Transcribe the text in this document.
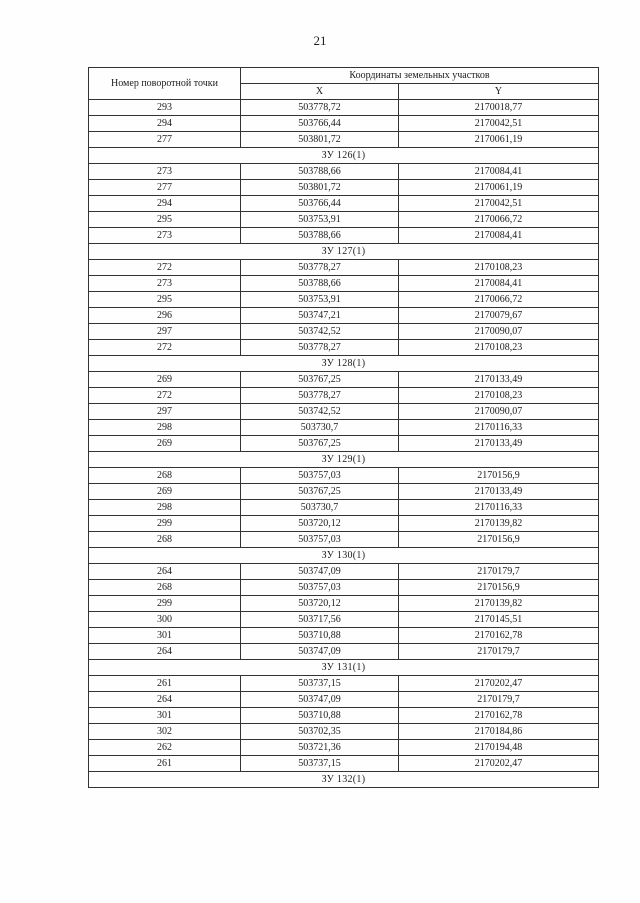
21
Номер поворотной точки	Координаты земельных участков	
	X	Y
293	503778,72	2170018,77
294	503766,44	2170042,51
277	503801,72	2170061,19
ЗУ 126(1)		
273	503788,66	2170084,41
277	503801,72	2170061,19
294	503766,44	2170042,51
295	503753,91	2170066,72
273	503788,66	2170084,41
ЗУ 127(1)		
272	503778,27	2170108,23
273	503788,66	2170084,41
295	503753,91	2170066,72
296	503747,21	2170079,67
297	503742,52	2170090,07
272	503778,27	2170108,23
ЗУ 128(1)		
269	503767,25	2170133,49
272	503778,27	2170108,23
297	503742,52	2170090,07
298	503730,7	2170116,33
269	503767,25	2170133,49
ЗУ 129(1)		
268	503757,03	2170156,9
269	503767,25	2170133,49
298	503730,7	2170116,33
299	503720,12	2170139,82
268	503757,03	2170156,9
ЗУ 130(1)		
264	503747,09	2170179,7
268	503757,03	2170156,9
299	503720,12	2170139,82
300	503717,56	2170145,51
301	503710,88	2170162,78
264	503747,09	2170179,7
ЗУ 131(1)		
261	503737,15	2170202,47
264	503747,09	2170179,7
301	503710,88	2170162,78
302	503702,35	2170184,86
262	503721,36	2170194,48
261	503737,15	2170202,47
ЗУ 132(1)		
